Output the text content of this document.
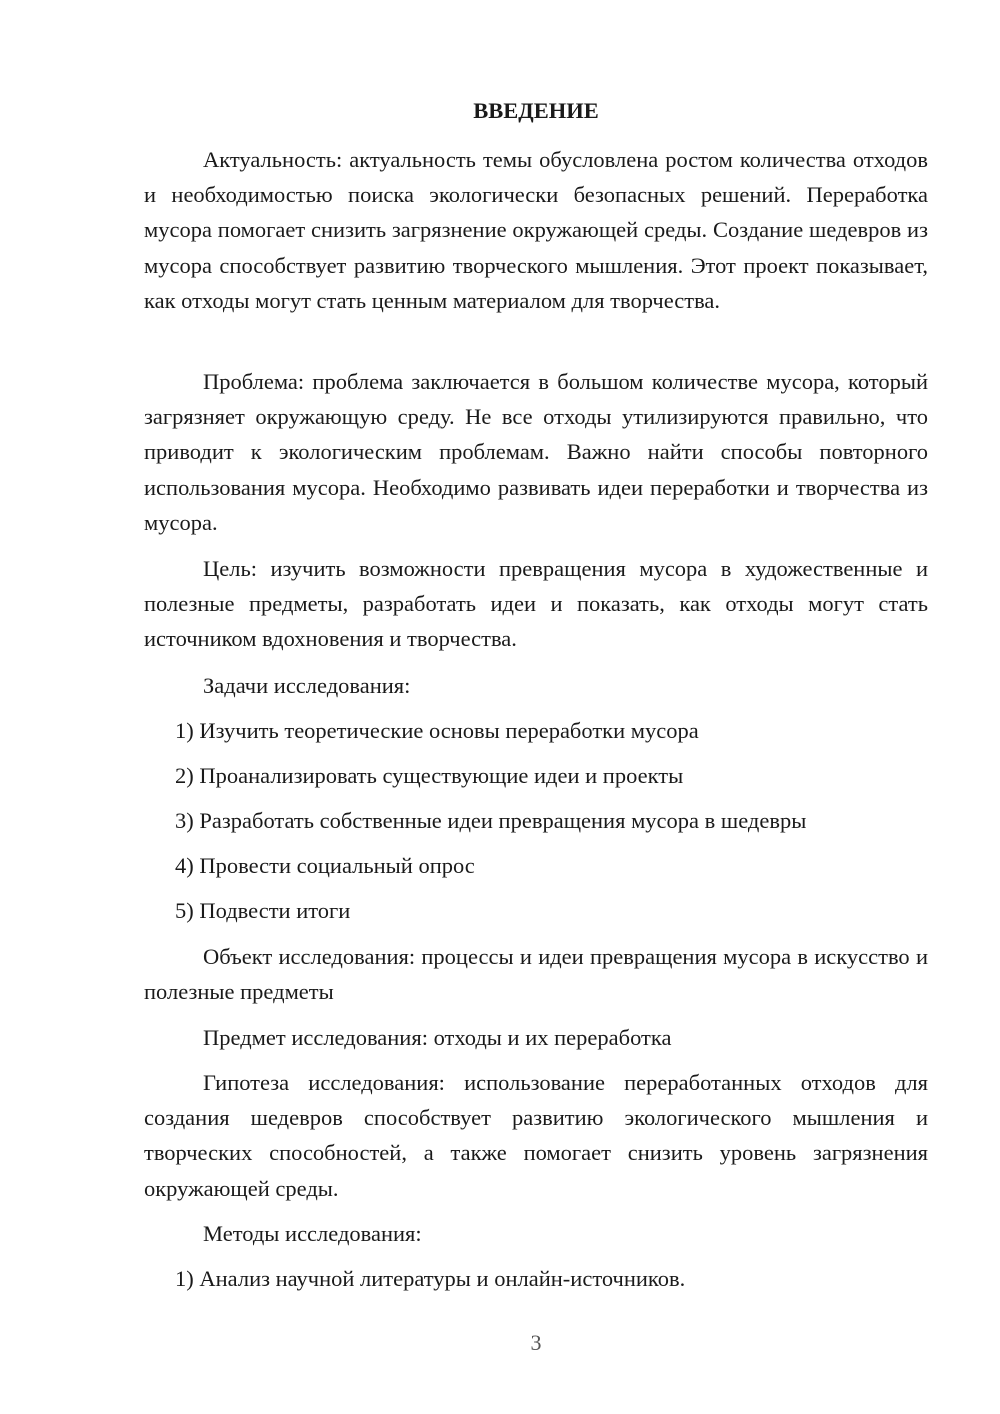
ВВЕДЕНИЕ

Актуальность: актуальность темы обусловлена ростом количества отходов и необходимостью поиска экологически безопасных решений. Переработка мусора помогает снизить загрязнение окружающей среды. Создание шедевров из мусора способствует развитию творческого мышления. Этот проект показывает, как отходы могут стать ценным материалом для творчества.

Проблема: проблема заключается в большом количестве мусора, который загрязняет окружающую среду. Не все отходы утилизируются правильно, что приводит к экологическим проблемам. Важно найти способы повторного использования мусора. Необходимо развивать идеи переработки и творчества из мусора.

Цель: изучить возможности превращения мусора в художественные и полезные предметы, разработать идеи и показать, как отходы могут стать источником вдохновения и творчества.

Задачи исследования:

1) Изучить теоретические основы переработки мусора

2) Проанализировать существующие идеи и проекты

3) Разработать собственные идеи превращения мусора в шедевры

4) Провести социальный опрос

5) Подвести итоги

Объект исследования: процессы и идеи превращения мусора в искусство и полезные предметы

Предмет исследования: отходы и их переработка

Гипотеза исследования: использование переработанных отходов для создания шедевров способствует развитию экологического мышления и творческих способностей, а также помогает снизить уровень загрязнения окружающей среды.

Методы исследования:

1) Анализ научной литературы и онлайн-источников.

3
